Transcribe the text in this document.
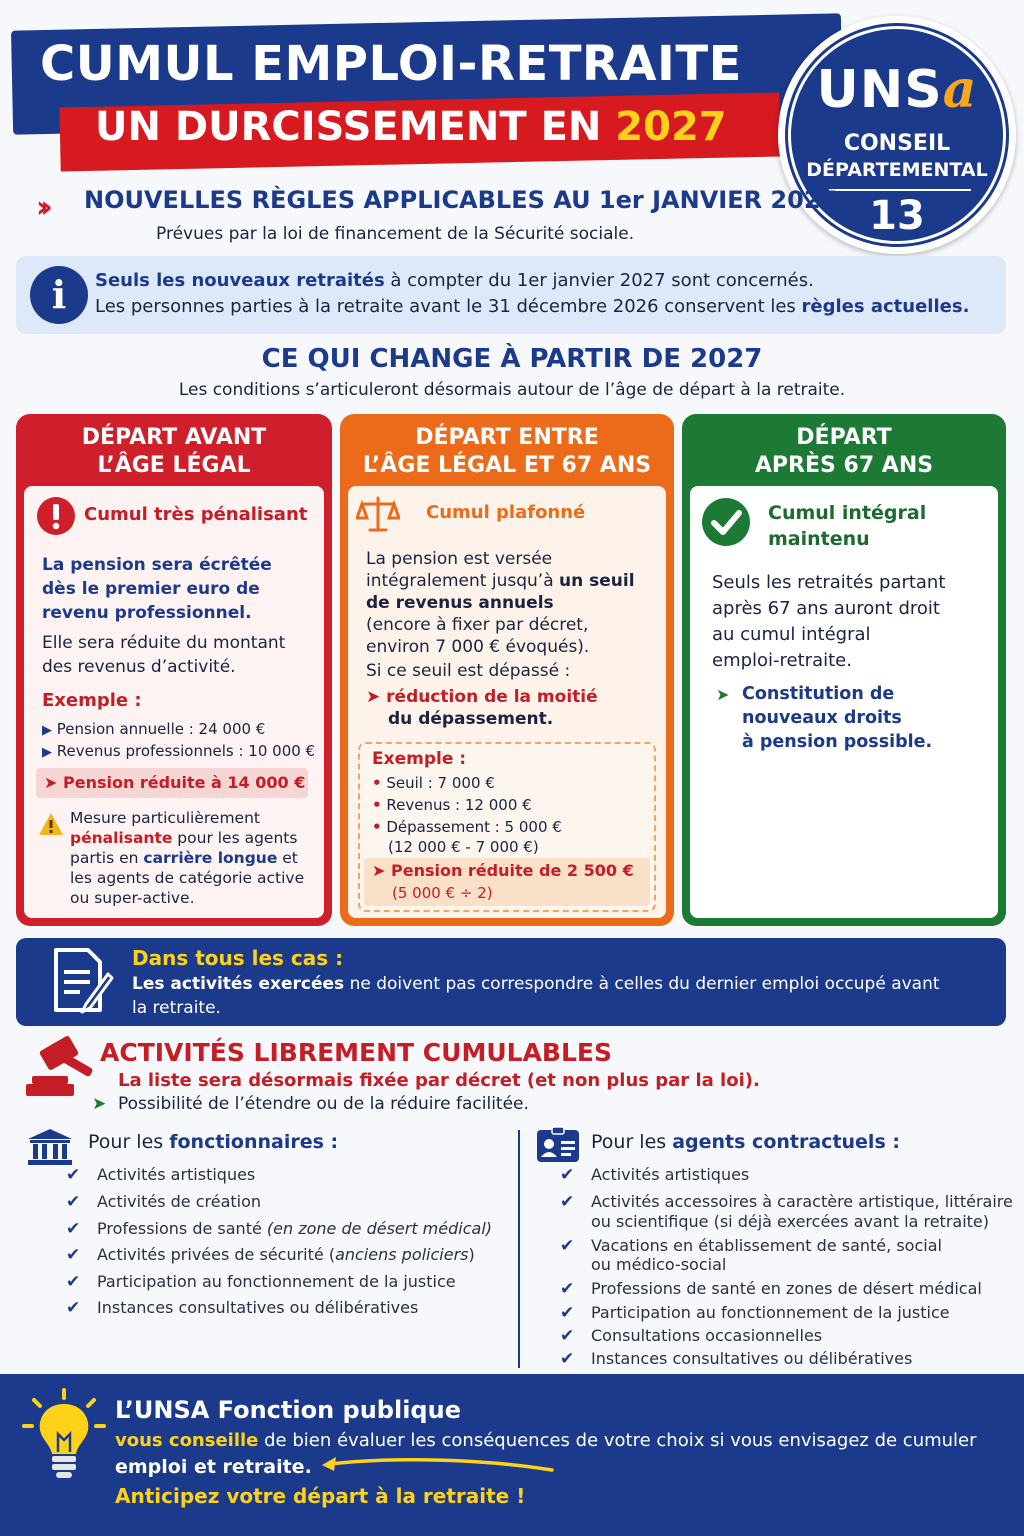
CUMUL EMPLOI-RETRAITE
UN DURCISSEMENT EN 2027
UNSa
CONSEIL
DÉPARTEMENTAL
13
›› NOUVELLES RÈGLES APPLICABLES AU 1er JANVIER 2027
Prévues par la loi de financement de la Sécurité sociale.
i	Seuls les nouveaux retraités à compter du 1er janvier 2027 sont concernés.
Les personnes parties à la retraite avant le 31 décembre 2026 conservent les règles actuelles.
CE QUI CHANGE À PARTIR DE 2027
Les conditions s’articuleront désormais autour de l’âge de départ à la retraite.
DÉPART AVANT
L’ÂGE LÉGAL
Cumul très pénalisant
La pension sera écrêtée
dès le premier euro de
revenu professionnel.
Elle sera réduite du montant
des revenus d’activité.
Exemple :
▶ Pension annuelle : 24 000 €
▶ Revenus professionnels : 10 000 €
➤ Pension réduite à 14 000 €
Mesure particulièrement
pénalisante pour les agents
partis en carrière longue et
les agents de catégorie active
ou super-active.
DÉPART ENTRE
L’ÂGE LÉGAL ET 67 ANS
Cumul plafonné
La pension est versée
intégralement jusqu’à un seuil
de revenus annuels
(encore à fixer par décret,
environ 7 000 € évoqués).
Si ce seuil est dépassé :
➤ réduction de la moitié
du dépassement.
Exemple :
• Seuil : 7 000 €
• Revenus : 12 000 €
• Dépassement : 5 000 €
(12 000 € - 7 000 €)
➤ Pension réduite de 2 500 €
(5 000 € ÷ 2)
DÉPART
APRÈS 67 ANS
Cumul intégral
maintenu
Seuls les retraités partant
après 67 ans auront droit
au cumul intégral
emploi-retraite.
➤ Constitution de
nouveaux droits
à pension possible.
Dans tous les cas :
Les activités exercées ne doivent pas correspondre à celles du dernier emploi occupé avant
la retraite.
ACTIVITÉS LIBREMENT CUMULABLES
La liste sera désormais fixée par décret (et non plus par la loi).
➤ Possibilité de l’étendre ou de la réduire facilitée.
Pour les fonctionnaires :
✔ Activités artistiques
✔ Activités de création
✔ Professions de santé (en zone de désert médical)
✔ Activités privées de sécurité (anciens policiers)
✔ Participation au fonctionnement de la justice
✔ Instances consultatives ou délibératives
Pour les agents contractuels :
✔ Activités artistiques
✔ Activités accessoires à caractère artistique, littéraire
ou scientifique (si déjà exercées avant la retraite)
✔ Vacations en établissement de santé, social
ou médico-social
✔ Professions de santé en zones de désert médical
✔ Participation au fonctionnement de la justice
✔ Consultations occasionnelles
✔ Instances consultatives ou délibératives
L’UNSA Fonction publique
vous conseille de bien évaluer les conséquences de votre choix si vous envisagez de cumuler
emploi et retraite.
Anticipez votre départ à la retraite !
